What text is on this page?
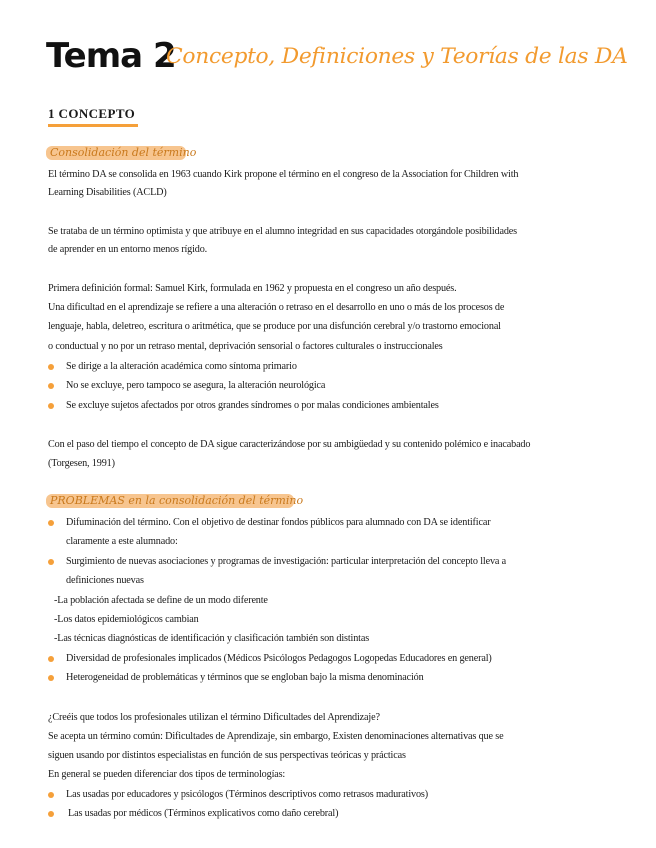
Tema 2
Concepto, Definiciones y Teorías de las DA
1 CONCEPTO
Consolidación del término
El término DA se consolida en 1963 cuando Kirk propone el término en el congreso de la Association for Children with
Learning Disabilities (ACLD)
Se trataba de un término optimista y que atribuye en el alumno integridad en sus capacidades otorgándole posibilidades
de aprender en un entorno menos rígido.
Primera definición formal: Samuel Kirk, formulada en 1962 y propuesta en el congreso un año después.
Una dificultad en el aprendizaje se refiere a una alteración o retraso en el desarrollo en uno o más de los procesos de
lenguaje, habla, deletreo, escritura o aritmética, que se produce por una disfunción cerebral y/o trastorno emocional
o conductual y no por un retraso mental, deprivación sensorial o factores culturales o instruccionales
Se dirige a la alteración académica como síntoma primario
No se excluye, pero tampoco se asegura, la alteración neurológica
Se excluye sujetos afectados por otros grandes síndromes o por malas condiciones ambientales
Con el paso del tiempo el concepto de DA sigue caracterizándose por su ambigüedad y su contenido polémico e inacabado
(Torgesen, 1991)
PROBLEMAS en la consolidación del término
Difuminación del término. Con el objetivo de destinar fondos públicos para alumnado con DA se identificar
claramente a este alumnado:
Surgimiento de nuevas asociaciones y programas de investigación: particular interpretación del concepto lleva a
definiciones nuevas
-La población afectada se define de un modo diferente
-Los datos epidemiológicos cambian
-Las técnicas diagnósticas de identificación y clasificación también son distintas
Diversidad de profesionales implicados (Médicos Psicólogos Pedagogos Logopedas Educadores en general)
Heterogeneidad de problemáticas y términos que se engloban bajo la misma denominación
¿Creéis que todos los profesionales utilizan el término Dificultades del Aprendizaje?
Se acepta un término común: Dificultades de Aprendizaje, sin embargo, Existen denominaciones alternativas que se
siguen usando por distintos especialistas en función de sus perspectivas teóricas y prácticas
En general se pueden diferenciar dos tipos de terminologías:
Las usadas por educadores y psicólogos (Términos descriptivos como retrasos madurativos)
Las usadas por médicos (Términos explicativos como daño cerebral)
